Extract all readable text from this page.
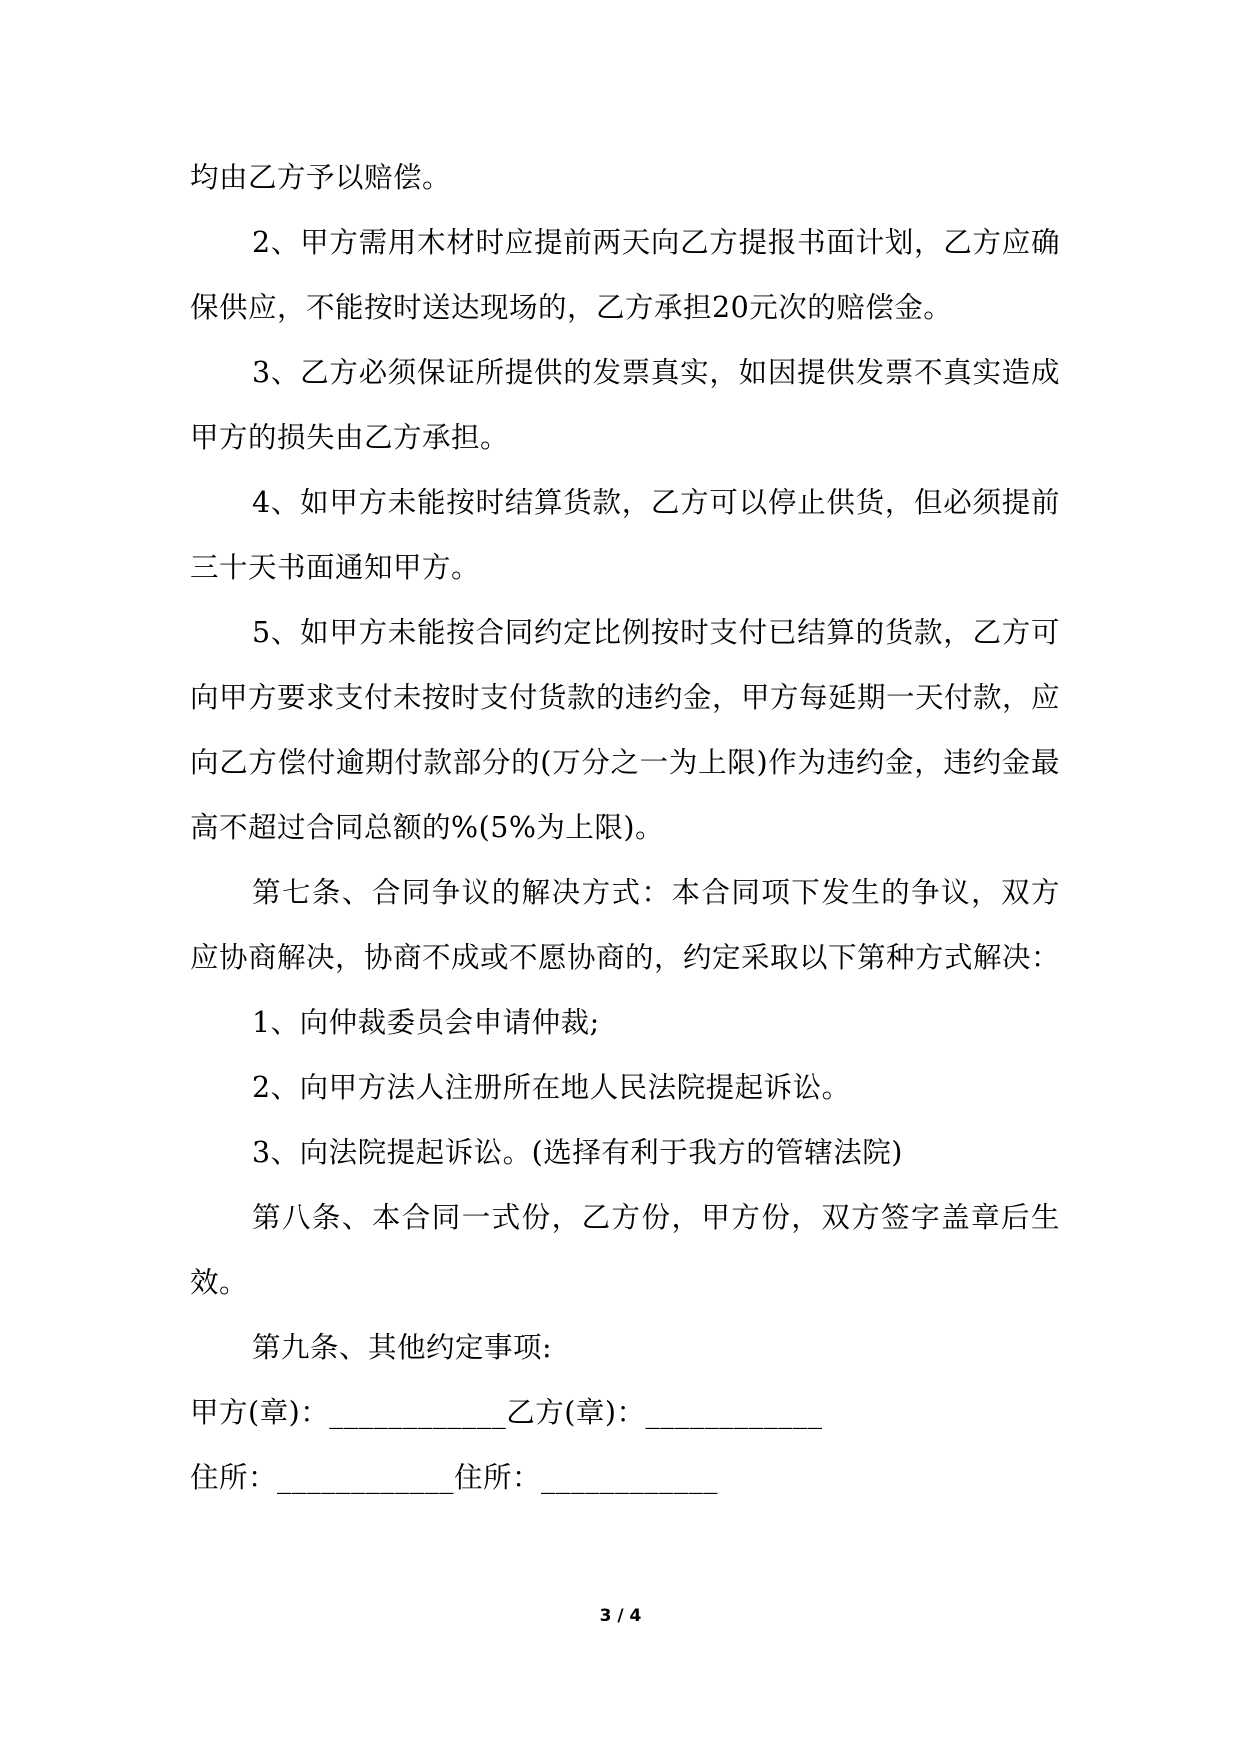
均由乙方予以赔偿。

2、甲方需用木材时应提前两天向乙方提报书面计划，乙方应确保供应，不能按时送达现场的，乙方承担20元次的赔偿金。

3、乙方必须保证所提供的发票真实，如因提供发票不真实造成甲方的损失由乙方承担。

4、如甲方未能按时结算货款，乙方可以停止供货，但必须提前三十天书面通知甲方。

5、如甲方未能按合同约定比例按时支付已结算的货款，乙方可向甲方要求支付未按时支付货款的违约金，甲方每延期一天付款，应向乙方偿付逾期付款部分的(万分之一为上限)作为违约金，违约金最高不超过合同总额的%(5%为上限)。

第七条、合同争议的解决方式：本合同项下发生的争议，双方应协商解决，协商不成或不愿协商的，约定采取以下第种方式解决：

1、向仲裁委员会申请仲裁;

2、向甲方法人注册所在地人民法院提起诉讼。

3、向法院提起诉讼。(选择有利于我方的管辖法院)

第八条、本合同一式份，乙方份，甲方份，双方签字盖章后生效。

第九条、其他约定事项:

甲方(章)：____________乙方(章)：____________

住所：____________住所：____________

3 / 4
